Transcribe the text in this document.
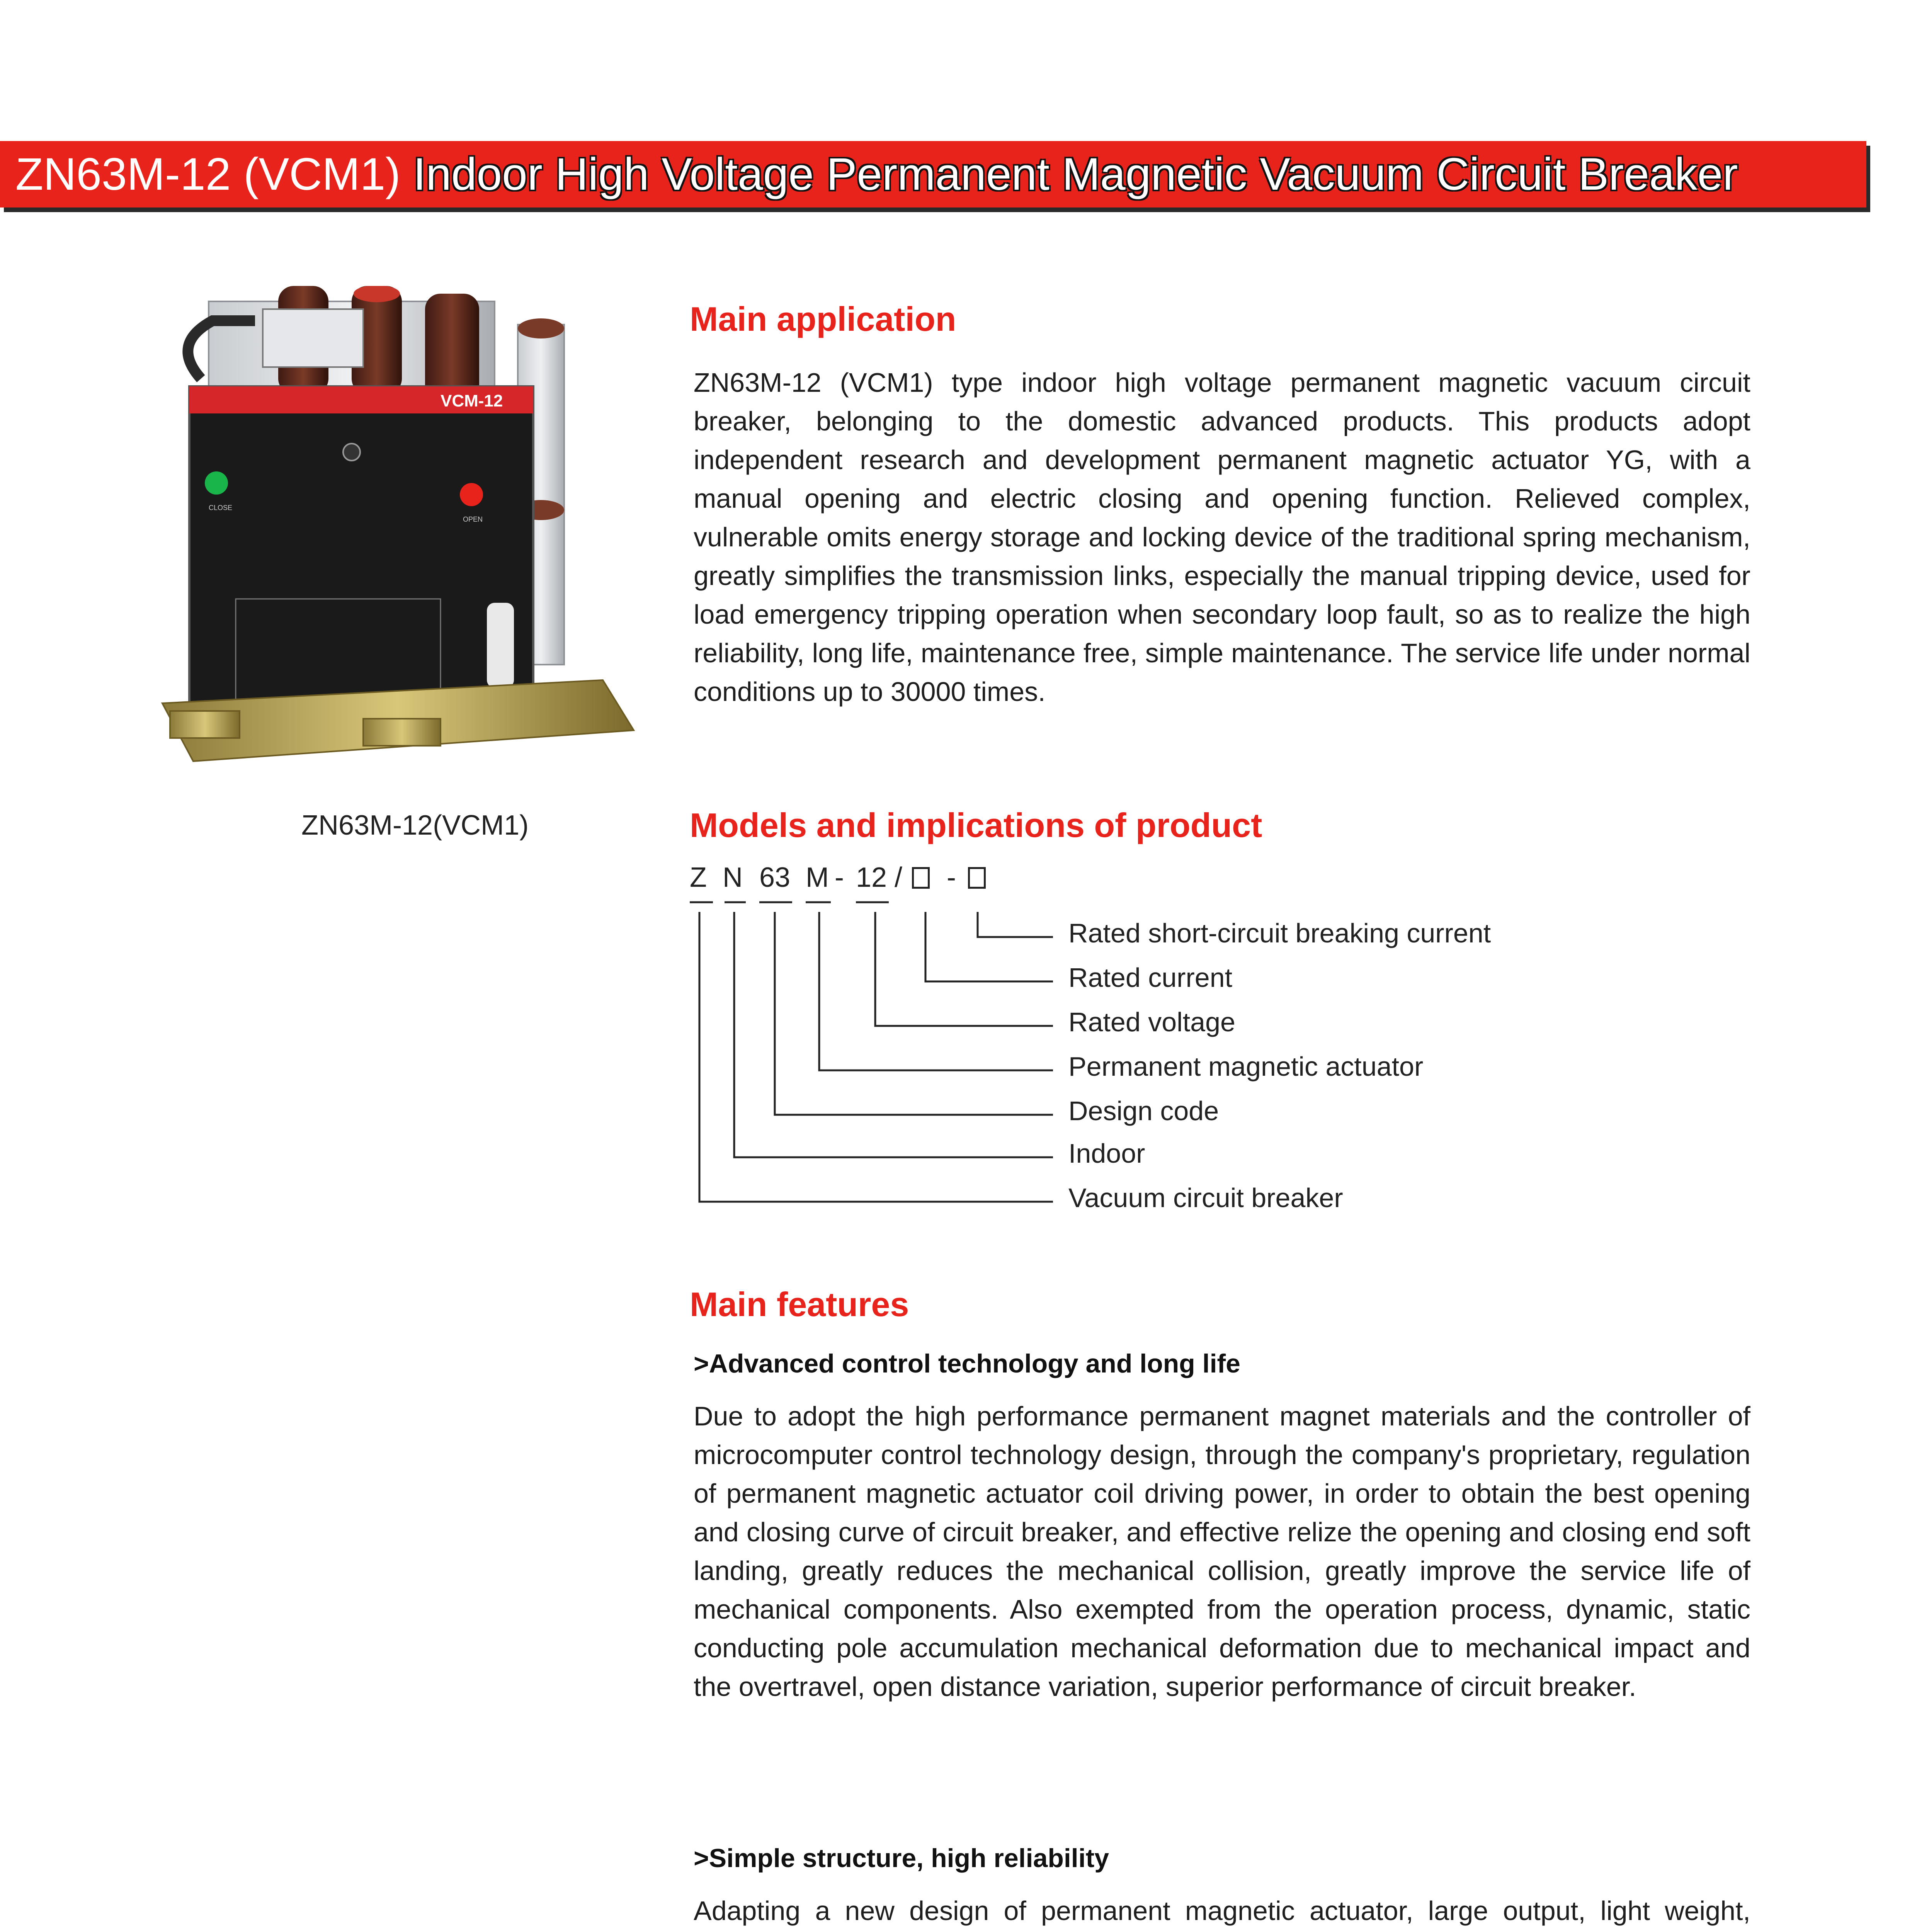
ZN63M-12 (VCM1) Indoor High Voltage Permanent Magnetic Vacuum Circuit Breaker
VCM-12
CLOSE
OPEN
ZN63M-12(VCM1)
Main application
ZN63M-12 (VCM1) type indoor high voltage permanent magnetic vacuum circuit breaker, belonging to the domestic advanced products. This products adopt independent research and development permanent magnetic actuator YG, with a manual opening and electric closing and opening function. Relieved complex, vulnerable omits energy storage and locking device of the traditional spring mechanism, greatly simplifies the transmission links, especially the manual tripping device, used for load emergency tripping operation when secondary loop fault, so as to realize the high reliability, long life, maintenance free, simple maintenance. The service life under normal conditions up to 30000 times.
Models and implications of product
Z N 63 M - 12 / -
Rated short-circuit breaking current
Rated current
Rated voltage
Permanent magnetic actuator
Design code
Indoor
Vacuum circuit breaker
Main features
>Advanced control technology and long life
Due to adopt the high performance permanent magnet materials and the controller of microcomputer control technology design, through the company's proprietary, regulation of permanent magnetic actuator coil driving power, in order to obtain the best opening and closing curve of circuit breaker, and effective relize the opening and closing end soft landing, greatly reduces the mechanical collision, greatly improve the service life of mechanical components. Also exempted from the operation process, dynamic, static conducting pole accumulation mechanical deformation due to mechanical impact and the overtravel, open distance variation, superior performance of circuit breaker.
>Simple structure, high reliability
Adapting a new design of permanent magnetic actuator, large output, light weight,
